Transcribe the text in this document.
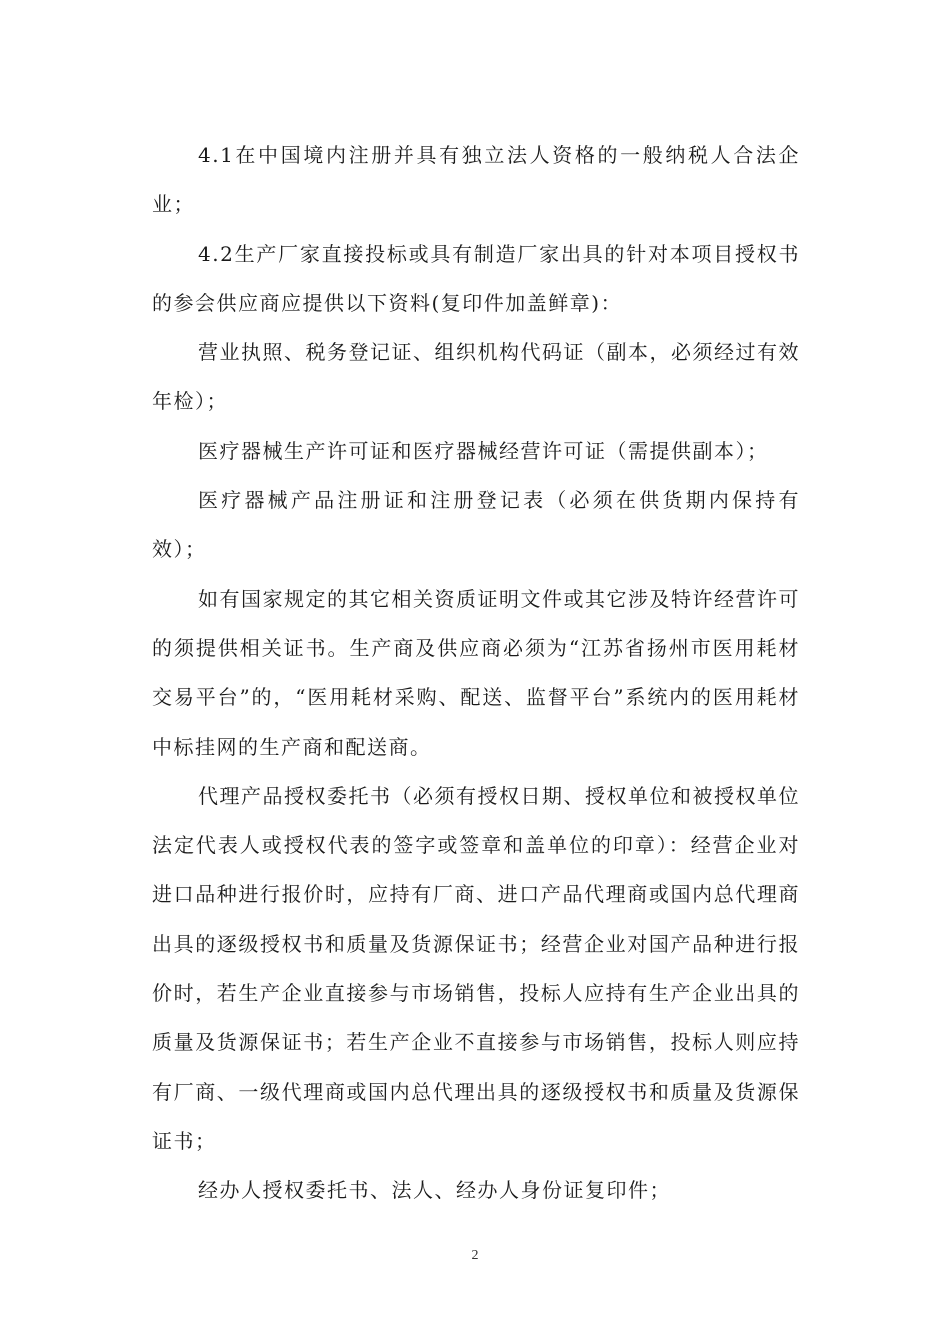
4.1在中国境内注册并具有独立法人资格的一般纳税人合法企业；

4.2生产厂家直接投标或具有制造厂家出具的针对本项目授权书的参会供应商应提供以下资料(复印件加盖鲜章)：

营业执照、税务登记证、组织机构代码证（副本，必须经过有效年检）；

医疗器械生产许可证和医疗器械经营许可证（需提供副本）；

医疗器械产品注册证和注册登记表（必须在供货期内保持有效）；

如有国家规定的其它相关资质证明文件或其它涉及特许经营许可的须提供相关证书。生产商及供应商必须为“江苏省扬州市医用耗材交易平台”的，“医用耗材采购、配送、监督平台”系统内的医用耗材中标挂网的生产商和配送商。

代理产品授权委托书（必须有授权日期、授权单位和被授权单位法定代表人或授权代表的签字或签章和盖单位的印章）：经营企业对进口品种进行报价时，应持有厂商、进口产品代理商或国内总代理商出具的逐级授权书和质量及货源保证书；经营企业对国产品种进行报价时，若生产企业直接参与市场销售，投标人应持有生产企业出具的质量及货源保证书；若生产企业不直接参与市场销售，投标人则应持有厂商、一级代理商或国内总代理出具的逐级授权书和质量及货源保证书；

经办人授权委托书、法人、经办人身份证复印件；

2
